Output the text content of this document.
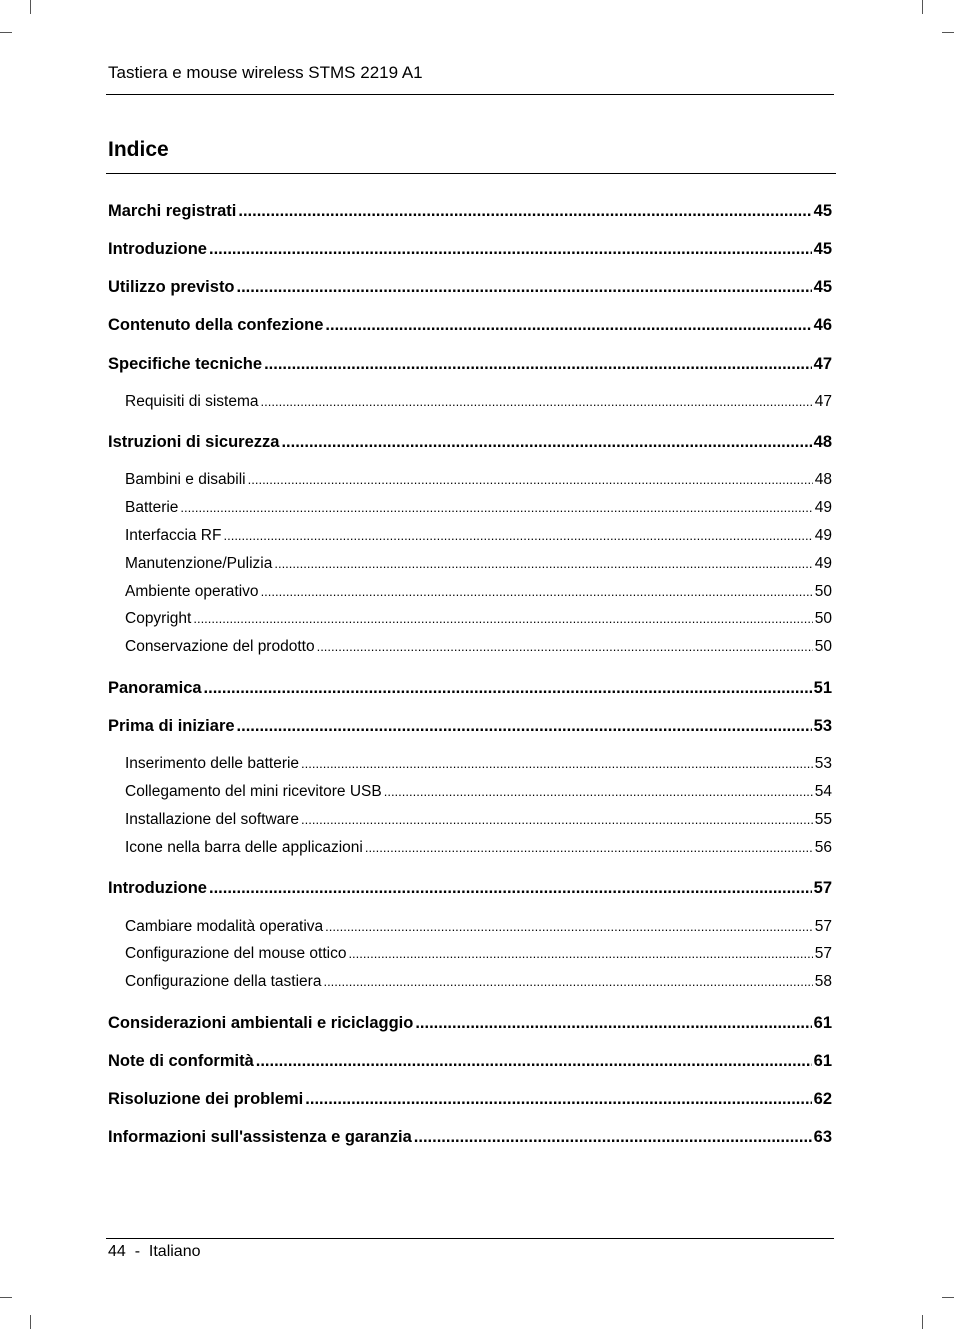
Tastiera e mouse wireless STMS 2219 A1
Indice
Marchi registrati .....	45
Introduzione .....	45
Utilizzo previsto .....	45
Contenuto della confezione .....	46
Specifiche tecniche .....	47
Requisiti di sistema .....	47
Istruzioni di sicurezza .....	48
Bambini e disabili .....	48
Batterie .....	49
Interfaccia RF .....	49
Manutenzione/Pulizia .....	49
Ambiente operativo .....	50
Copyright .....	50
Conservazione del prodotto .....	50
Panoramica .....	51
Prima di iniziare .....	53
Inserimento delle batterie .....	53
Collegamento del mini ricevitore USB .....	54
Installazione del software .....	55
Icone nella barra delle applicazioni .....	56
Introduzione .....	57
Cambiare modalità operativa .....	57
Configurazione del mouse ottico .....	57
Configurazione della tastiera .....	58
Considerazioni ambientali e riciclaggio .....	61
Note di conformità .....	61
Risoluzione dei problemi .....	62
Informazioni sull'assistenza e garanzia .....	63
44  -  Italiano
